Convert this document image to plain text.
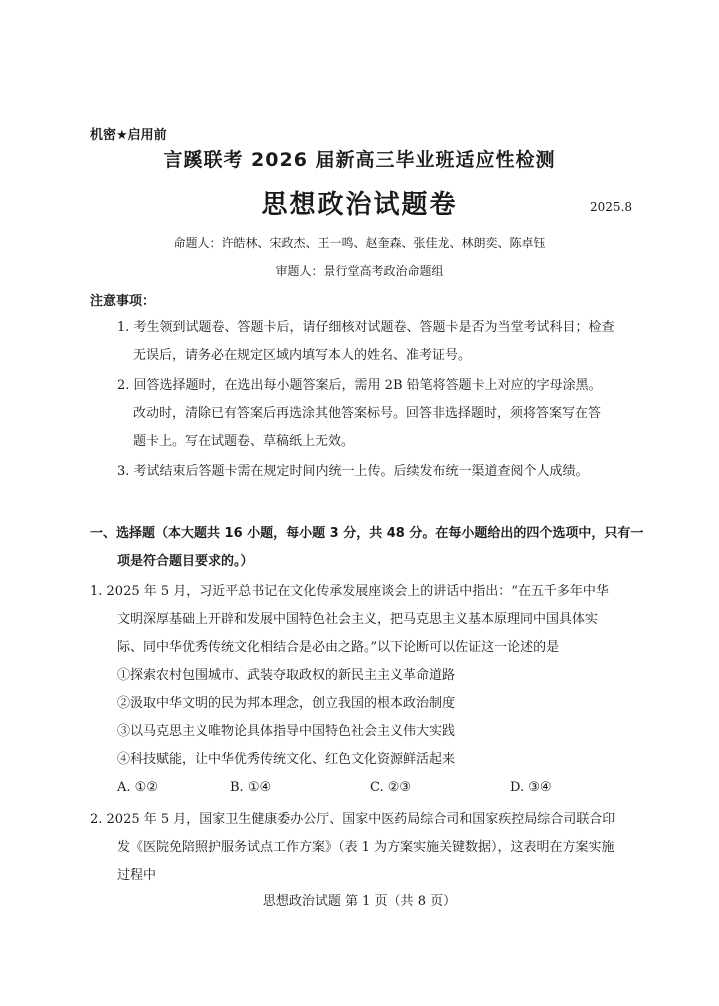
机密★启用前
言蹊联考 2026 届新高三毕业班适应性检测
思想政治试题卷	2025.8
命题人：许皓林、宋政杰、王一鸣、赵奎森、张佳龙、林朗奕、陈卓钰
审题人：景行堂高考政治命题组
注意事项：
1. 考生领到试题卷、答题卡后，请仔细核对试题卷、答题卡是否为当堂考试科目；检查
无误后，请务必在规定区域内填写本人的姓名、准考证号。
2. 回答选择题时，在选出每小题答案后，需用 2B 铅笔将答题卡上对应的字母涂黑。
改动时，清除已有答案后再选涂其他答案标号。回答非选择题时，须将答案写在答
题卡上。写在试题卷、草稿纸上无效。
3. 考试结束后答题卡需在规定时间内统一上传。后续发布统一渠道查阅个人成绩。
一、选择题（本大题共 16 小题，每小题 3 分，共 48 分。在每小题给出的四个选项中，只有一
项是符合题目要求的。）
1. 2025 年 5 月，习近平总书记在文化传承发展座谈会上的讲话中指出：“在五千多年中华
文明深厚基础上开辟和发展中国特色社会主义，把马克思主义基本原理同中国具体实
际、同中华优秀传统文化相结合是必由之路。”以下论断可以佐证这一论述的是
①探索农村包围城市、武装夺取政权的新民主主义革命道路
②汲取中华文明的民为邦本理念，创立我国的根本政治制度
③以马克思主义唯物论具体指导中国特色社会主义伟大实践
④科技赋能，让中华优秀传统文化、红色文化资源鲜活起来
A. ①②	B. ①④	C. ②③	D. ③④
2. 2025 年 5 月，国家卫生健康委办公厅、国家中医药局综合司和国家疾控局综合司联合印
发《医院免陪照护服务试点工作方案》（表 1 为方案实施关键数据），这表明在方案实施
过程中
思想政治试题 第 1 页（共 8 页）
